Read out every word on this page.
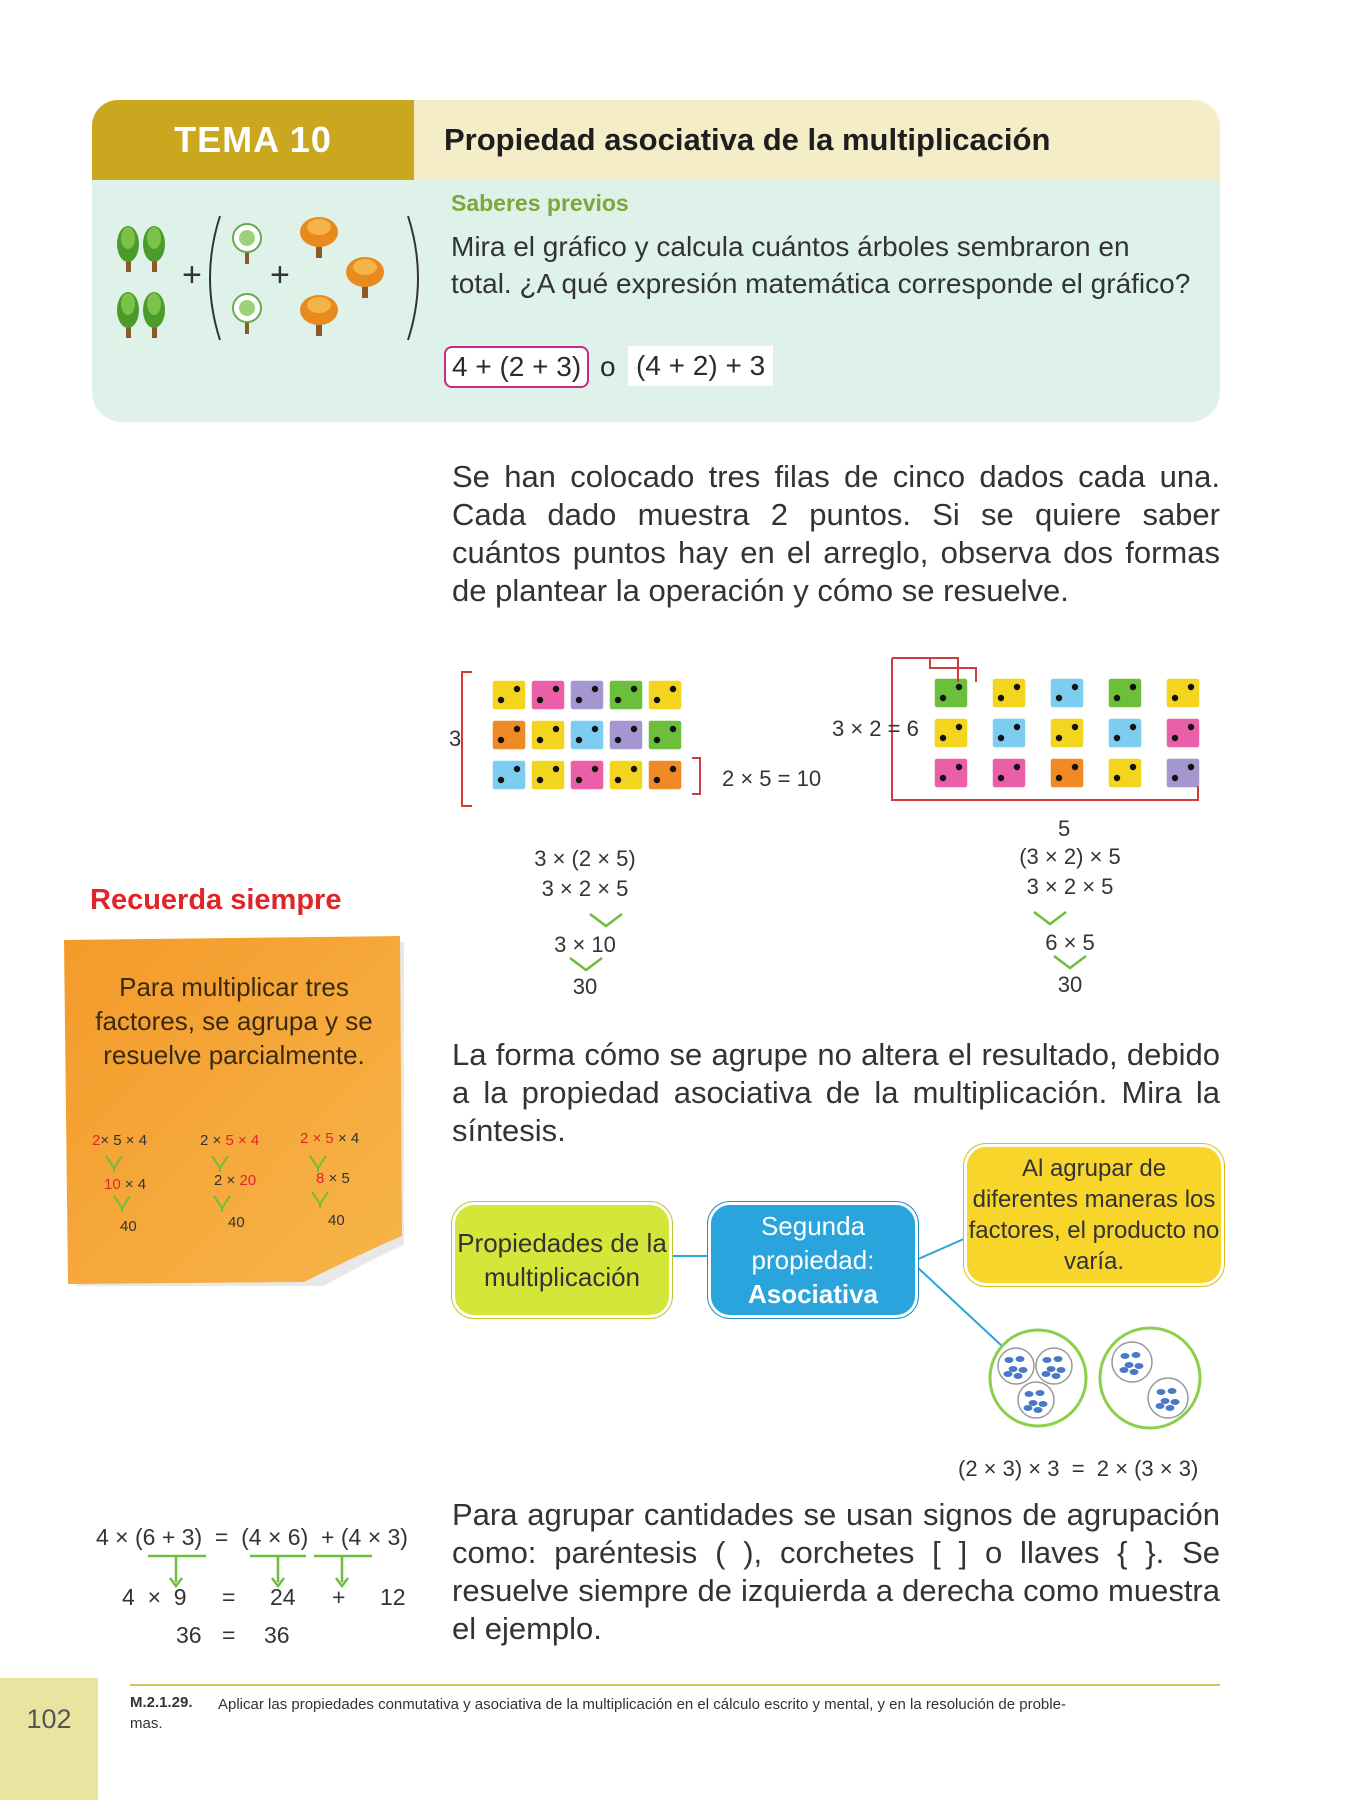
TEMA 10	Propiedad asociativa de la multiplicación
+ +
Saberes previos
Mira el gráfico y calcula cuántos árboles sembraron en total. ¿A qué expresión matemática corresponde el gráfico?
4 + (2 + 3) o (4 + 2) + 3
Se han colocado tres filas de cinco dados cada una. Cada dado muestra 2 puntos. Si se quiere saber cuántos puntos hay en el arreglo, observa dos formas de plantear la operación y cómo se resuelve.
3
2 × 5 = 10
3 × 2 = 6
5
3 × (2 × 5)
3 × 2 × 5
3 × 10
30
(3 × 2) × 5
3 × 2 × 5
6 × 5
30
Recuerda siempre
Para multiplicar tres factores, se agrupa y se resuelve parcialmente.
2× 5 × 4	2 × 5 × 4	2 × 5 × 4
10 × 4	2 × 20	8 × 5
40	40	40
La forma cómo se agrupe no altera el resultado, debido a la propiedad asociativa de la multiplicación. Mira la síntesis.
Propiedades de la multiplicación
Segunda propiedad:
Asociativa
Al agrupar de diferentes maneras los factores, el producto no varía.
(2 × 3) × 3  =  2 × (3 × 3)
4 × (6 + 3) = (4 × 6) + (4 × 3)
4  ×  9 = 24 + 12
36 = 36
Para agrupar cantidades se usan signos de agrupación como: paréntesis ( ), corchetes [ ] o llaves { }. Se resuelve siempre de izquierda a derecha como muestra el ejemplo.
102
M.2.1.29. Aplicar las propiedades conmutativa y asociativa de la multiplicación en el cálculo escrito y mental, y en la resolución de proble-
mas.
